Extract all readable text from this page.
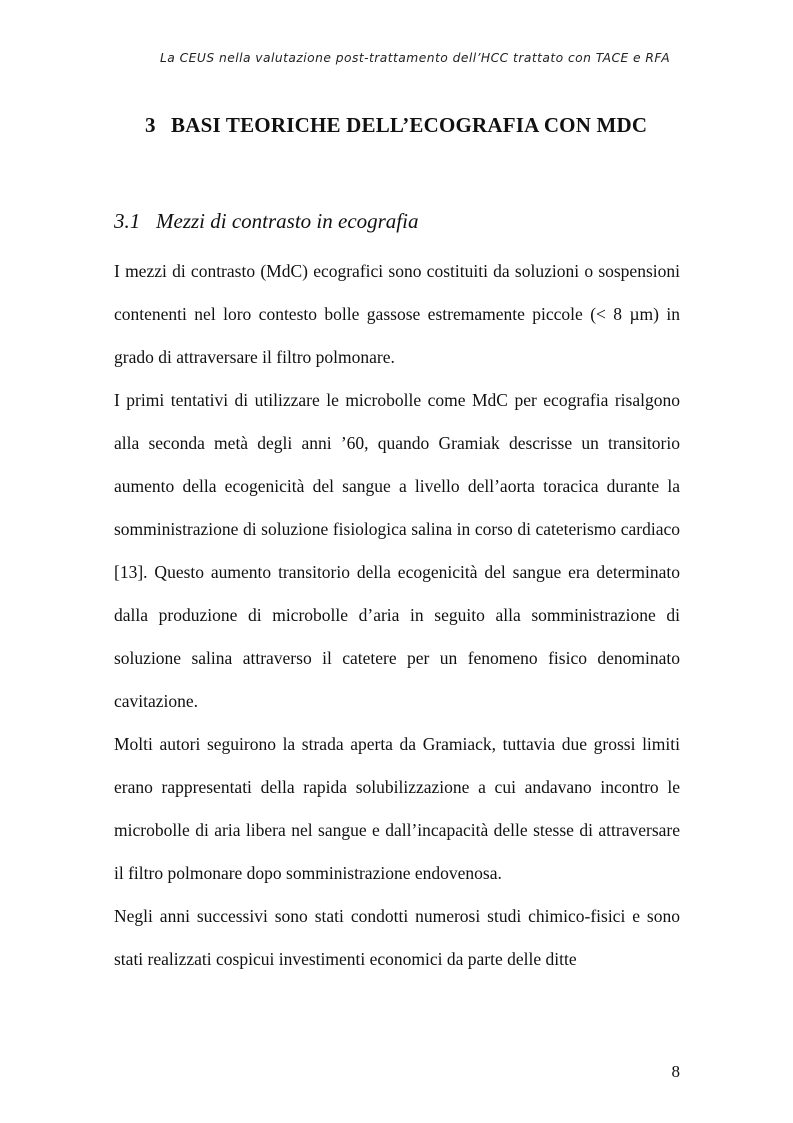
La CEUS nella valutazione post-trattamento dell’HCC trattato con TACE e RFA
3 BASI TEORICHE DELL’ECOGRAFIA CON MDC
3.1 Mezzi di contrasto in ecografia

I mezzi di contrasto (MdC) ecografici sono costituiti da soluzioni o sospensioni contenenti nel loro contesto bolle gassose estremamente piccole (< 8 µm) in grado di attraversare il filtro polmonare.

I primi tentativi di utilizzare le microbolle come MdC per ecografia risalgono alla seconda metà degli anni ’60, quando Gramiak descrisse un transitorio aumento della ecogenicità del sangue a livello dell’aorta toracica durante la somministrazione di soluzione fisiologica salina in corso di cateterismo cardiaco [13]. Questo aumento transitorio della ecogenicità del sangue era determinato dalla produzione di microbolle d’aria in seguito alla somministrazione di soluzione salina attraverso il catetere per un fenomeno fisico denominato cavitazione.

Molti autori seguirono la strada aperta da Gramiack, tuttavia due grossi limiti erano rappresentati della rapida solubilizzazione a cui andavano incontro le microbolle di aria libera nel sangue e dall’incapacità delle stesse di attraversare il filtro polmonare dopo somministrazione endovenosa.

Negli anni successivi sono stati condotti numerosi studi chimico-fisici e sono stati realizzati cospicui investimenti economici da parte delle ditte

8
